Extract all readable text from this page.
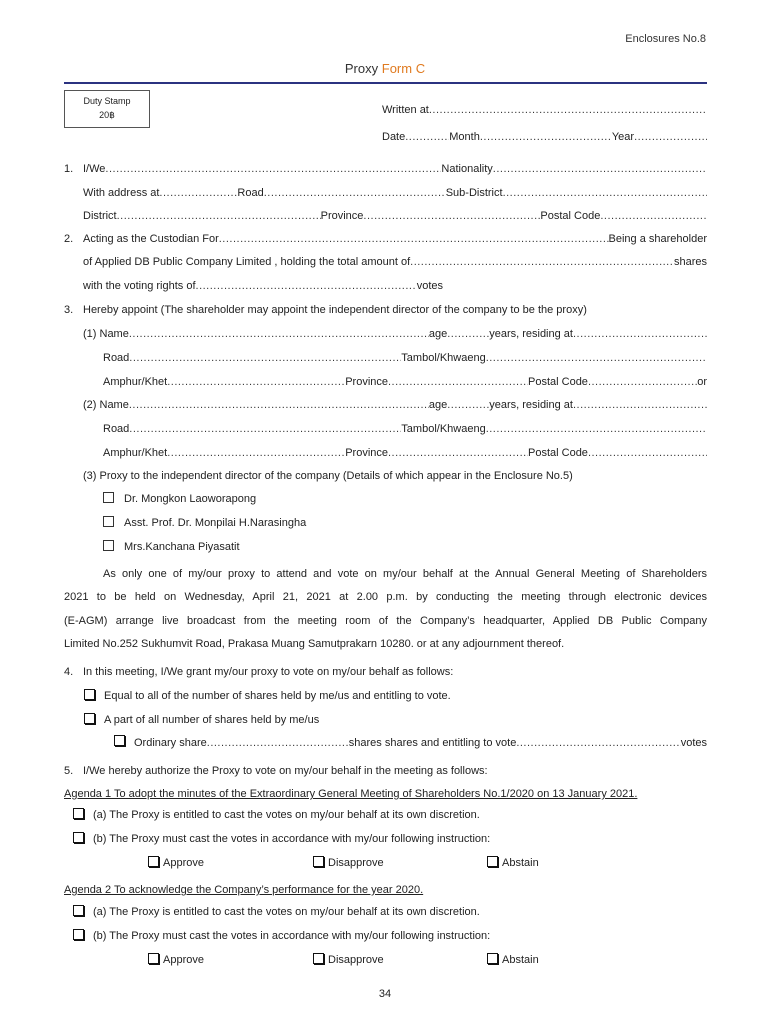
Enclosures No.8
Proxy Form C
Duty Stamp
20฿	Written at
.....
Date .....	Month .....	Year
.....
1. I/We .....	Nationality
.....
With address at .....	Road .....	Sub-District
.....
District .....	Province .....	Postal Code
.....
2. Acting as the Custodian For .....	Being a shareholder
of Applied DB Public Company Limited , holding the total amount of .....	shares
with the voting rights of .....	votes
3. Hereby appoint (The shareholder may appoint the independent director of the company to be the proxy)
(1) Name .....	age .....	years, residing at
.....
Road .....	Tambol/Khwaeng
.....
Amphur/Khet .....	Province .....	Postal Code .....	or
(2) Name .....	age .....	years, residing at
.....
Road .....	Tambol/Khwaeng
.....
Amphur/Khet .....	Province .....	Postal Code
.....
(3) Proxy to the independent director of the company (Details of which appear in the Enclosure No.5)
Dr. Mongkon Laoworapong
Asst. Prof. Dr. Monpilai H.Narasingha
Mrs.Kanchana Piyasatit
As only one of my/our proxy to attend and vote on my/our behalf at the Annual General Meeting of Shareholders
2021 to be held on Wednesday, April 21, 2021 at 2.00 p.m. by conducting the meeting through electronic devices
(E-AGM) arrange live broadcast from the meeting room of the Company’s headquarter, Applied DB Public Company
Limited No.252 Sukhumvit Road, Prakasa Muang Samutprakarn 10280. or at any adjournment thereof.
4. In this meeting, I/We grant my/our proxy to vote on my/our behalf as follows:
Equal to all of the number of shares held by me/us and entitling to vote.
A part of all number of shares held by me/us
Ordinary share .....	shares shares and entitling to vote .....	votes
5. I/We hereby authorize the Proxy to vote on my/our behalf in the meeting as follows:
Agenda 1 To adopt the minutes of the Extraordinary General Meeting of Shareholders No.1/2020 on 13 January 2021.
(a) The Proxy is entitled to cast the votes on my/our behalf at its own discretion.
(b) The Proxy must cast the votes in accordance with my/our following instruction:
Approve	Disapprove	Abstain
Agenda 2 To acknowledge the Company’s performance for the year 2020.
(a) The Proxy is entitled to cast the votes on my/our behalf at its own discretion.
(b) The Proxy must cast the votes in accordance with my/our following instruction:
Approve	Disapprove	Abstain
34
